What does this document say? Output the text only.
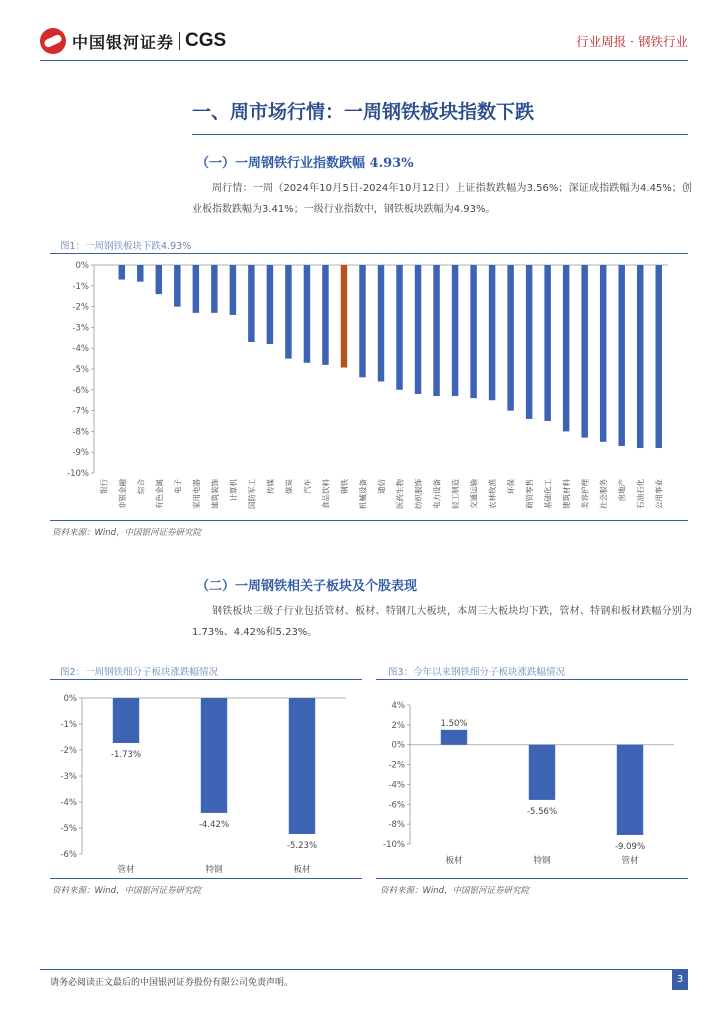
中国银河证券 CGS	行业周报 · 钢铁行业
一、周市场行情：一周钢铁板块指数下跌
（一）一周钢铁行业指数跌幅 4.93%
周行情：一周（2024年10月5日-2024年10月12日）上证指数跌幅为3.56%；深证成指跌幅为4.45%；创业板指数跌幅为3.41%；一级行业指数中，钢铁板块跌幅为4.93%。
图1：一周钢铁板块下跌4.93%
0%
-1%
-2%
-3%
-4%
-5%
-6%
-7%
-8%
-9%
-10%
银行 非银金融 综合 有色金属 电子 家用电器 建筑装饰 计算机 国防军工 传媒 煤炭 汽车 食品饮料 钢铁 机械设备 通信 医药生物 纺织服饰 电力设备 轻工制造 交通运输 农林牧渔 环保 商贸零售 基础化工 建筑材料 美容护理 社会服务 房地产 石油石化 公用事业
资料来源：Wind，中国银河证券研究院
（二）一周钢铁相关子板块及个股表现
钢铁板块三级子行业包括管材、板材、特钢几大板块，本周三大板块均下跌，管材、特钢和板材跌幅分别为1.73%、4.42%和5.23%。
图2：一周钢铁细分子板块涨跌幅情况
0%
-1%
-2%
-3%
-4%
-5%
-6%
-1.73%
管材
-4.42%
特钢
-5.23%
板材
资料来源：Wind，中国银河证券研究院
图3：今年以来钢铁细分子板块涨跌幅情况
4%
2%
0%
-2%
-4%
-6%
-8%
-10%
1.50%
板材
-5.56%
特钢
-9.09%
管材
资料来源：Wind，中国银河证券研究院
请务必阅读正文最后的中国银河证券股份有限公司免责声明。	3
